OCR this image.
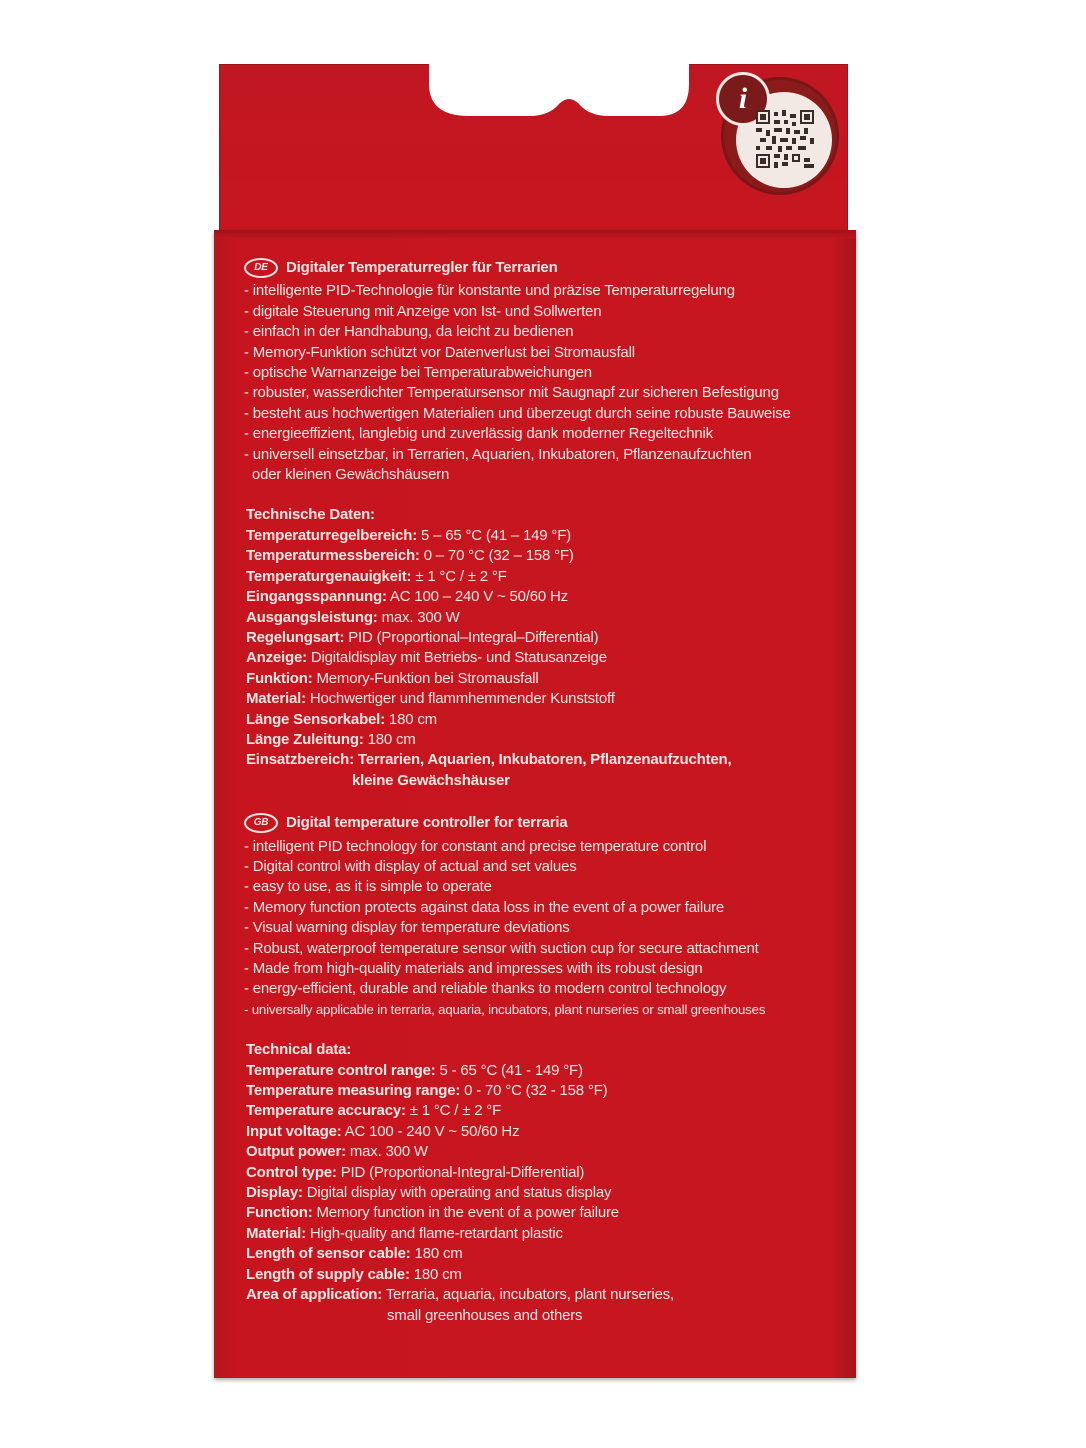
i
DE	Digitaler Temperaturregler für Terrarien
- intelligente PID-Technologie für konstante und präzise Temperaturregelung
- digitale Steuerung mit Anzeige von Ist- und Sollwerten
- einfach in der Handhabung, da leicht zu bedienen
- Memory-Funktion schützt vor Datenverlust bei Stromausfall
- optische Warnanzeige bei Temperaturabweichungen
- robuster, wasserdichter Temperatursensor mit Saugnapf zur sicheren Befestigung
- besteht aus hochwertigen Materialien und überzeugt durch seine robuste Bauweise
- energieeffizient, langlebig und zuverlässig dank moderner Regeltechnik
- universell einsetzbar, in Terrarien, Aquarien, Inkubatoren, Pflanzenaufzuchten
oder kleinen Gewächshäusern
Technische Daten:
Temperaturregelbereich: 5 – 65 °C (41 – 149 °F)
Temperaturmessbereich: 0 – 70 °C (32 – 158 °F)
Temperaturgenauigkeit: ± 1 °C / ± 2 °F
Eingangsspannung: AC 100 – 240 V ~ 50/60 Hz
Ausgangsleistung: max. 300 W
Regelungsart: PID (Proportional–Integral–Differential)
Anzeige: Digitaldisplay mit Betriebs- und Statusanzeige
Funktion: Memory-Funktion bei Stromausfall
Material: Hochwertiger und flammhemmender Kunststoff
Länge Sensorkabel: 180 cm
Länge Zuleitung: 180 cm
Einsatzbereich: Terrarien, Aquarien, Inkubatoren, Pflanzenaufzuchten,
kleine Gewächshäuser
GB	Digital temperature controller for terraria
- intelligent PID technology for constant and precise temperature control
- Digital control with display of actual and set values
- easy to use, as it is simple to operate
- Memory function protects against data loss in the event of a power failure
- Visual warning display for temperature deviations
- Robust, waterproof temperature sensor with suction cup for secure attachment
- Made from high-quality materials and impresses with its robust design
- energy-efficient, durable and reliable thanks to modern control technology
- universally applicable in terraria, aquaria, incubators, plant nurseries or small greenhouses
Technical data:
Temperature control range: 5 - 65 °C (41 - 149 °F)
Temperature measuring range: 0 - 70 °C (32 - 158 °F)
Temperature accuracy: ± 1 °C / ± 2 °F
Input voltage: AC 100 - 240 V ~ 50/60 Hz
Output power: max. 300 W
Control type: PID (Proportional-Integral-Differential)
Display: Digital display with operating and status display
Function: Memory function in the event of a power failure
Material: High-quality and flame-retardant plastic
Length of sensor cable: 180 cm
Length of supply cable: 180 cm
Area of application: Terraria, aquaria, incubators, plant nurseries,
small greenhouses and others
